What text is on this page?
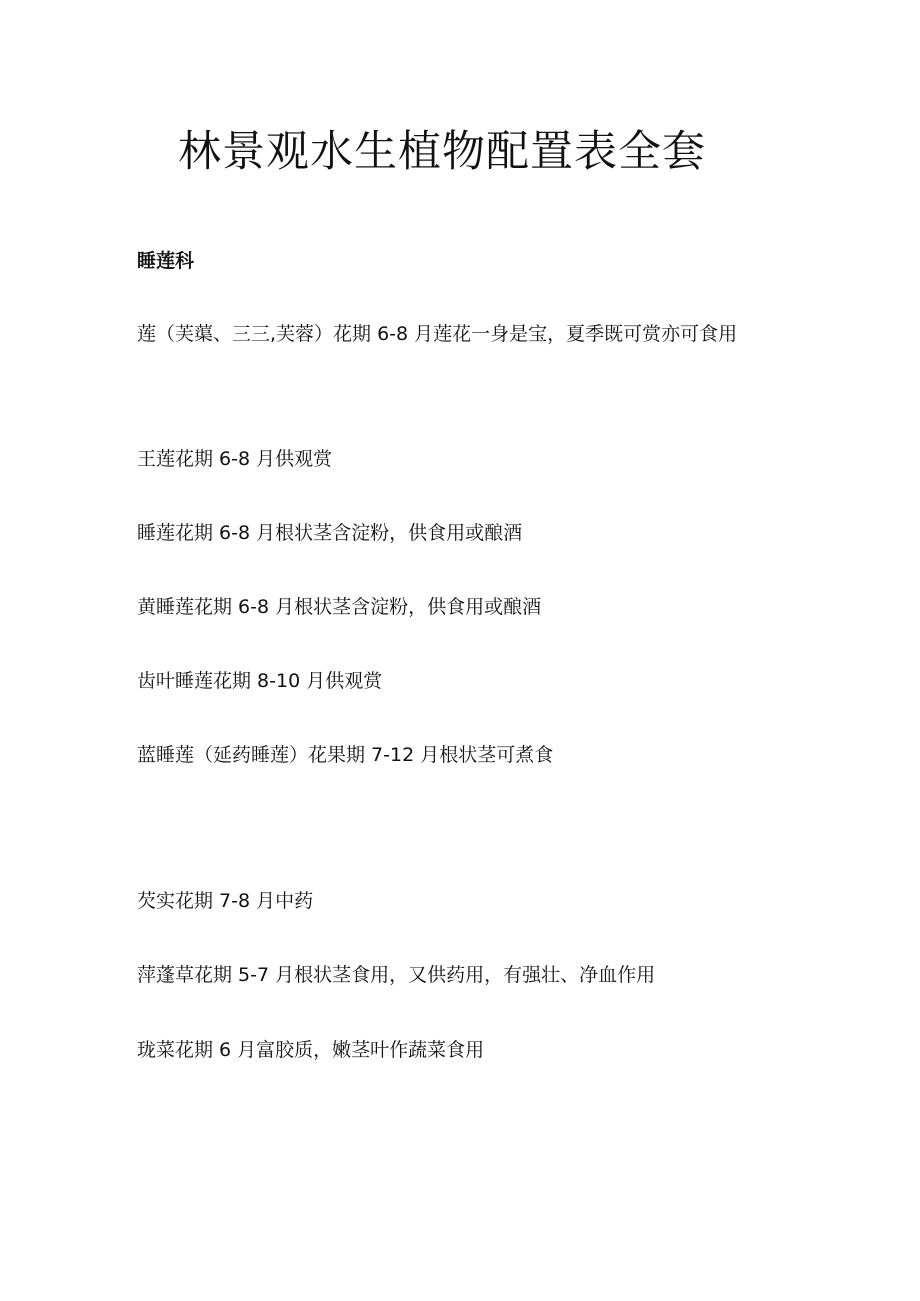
林景观水生植物配置表全套
睡莲科

莲（芙蕖、三三,芙蓉）花期 6-8 月莲花一身是宝，夏季既可赏亦可食用

王莲花期 6-8 月供观赏

睡莲花期 6-8 月根状茎含淀粉，供食用或酿酒

黄睡莲花期 6-8 月根状茎含淀粉，供食用或酿酒

齿叶睡莲花期 8-10 月供观赏

蓝睡莲（延药睡莲）花果期 7-12 月根状茎可煮食

芡实花期 7-8 月中药

萍蓬草花期 5-7 月根状茎食用，又供药用，有强壮、净血作用

珑菜花期 6 月富胶质，嫩茎叶作蔬菜食用
